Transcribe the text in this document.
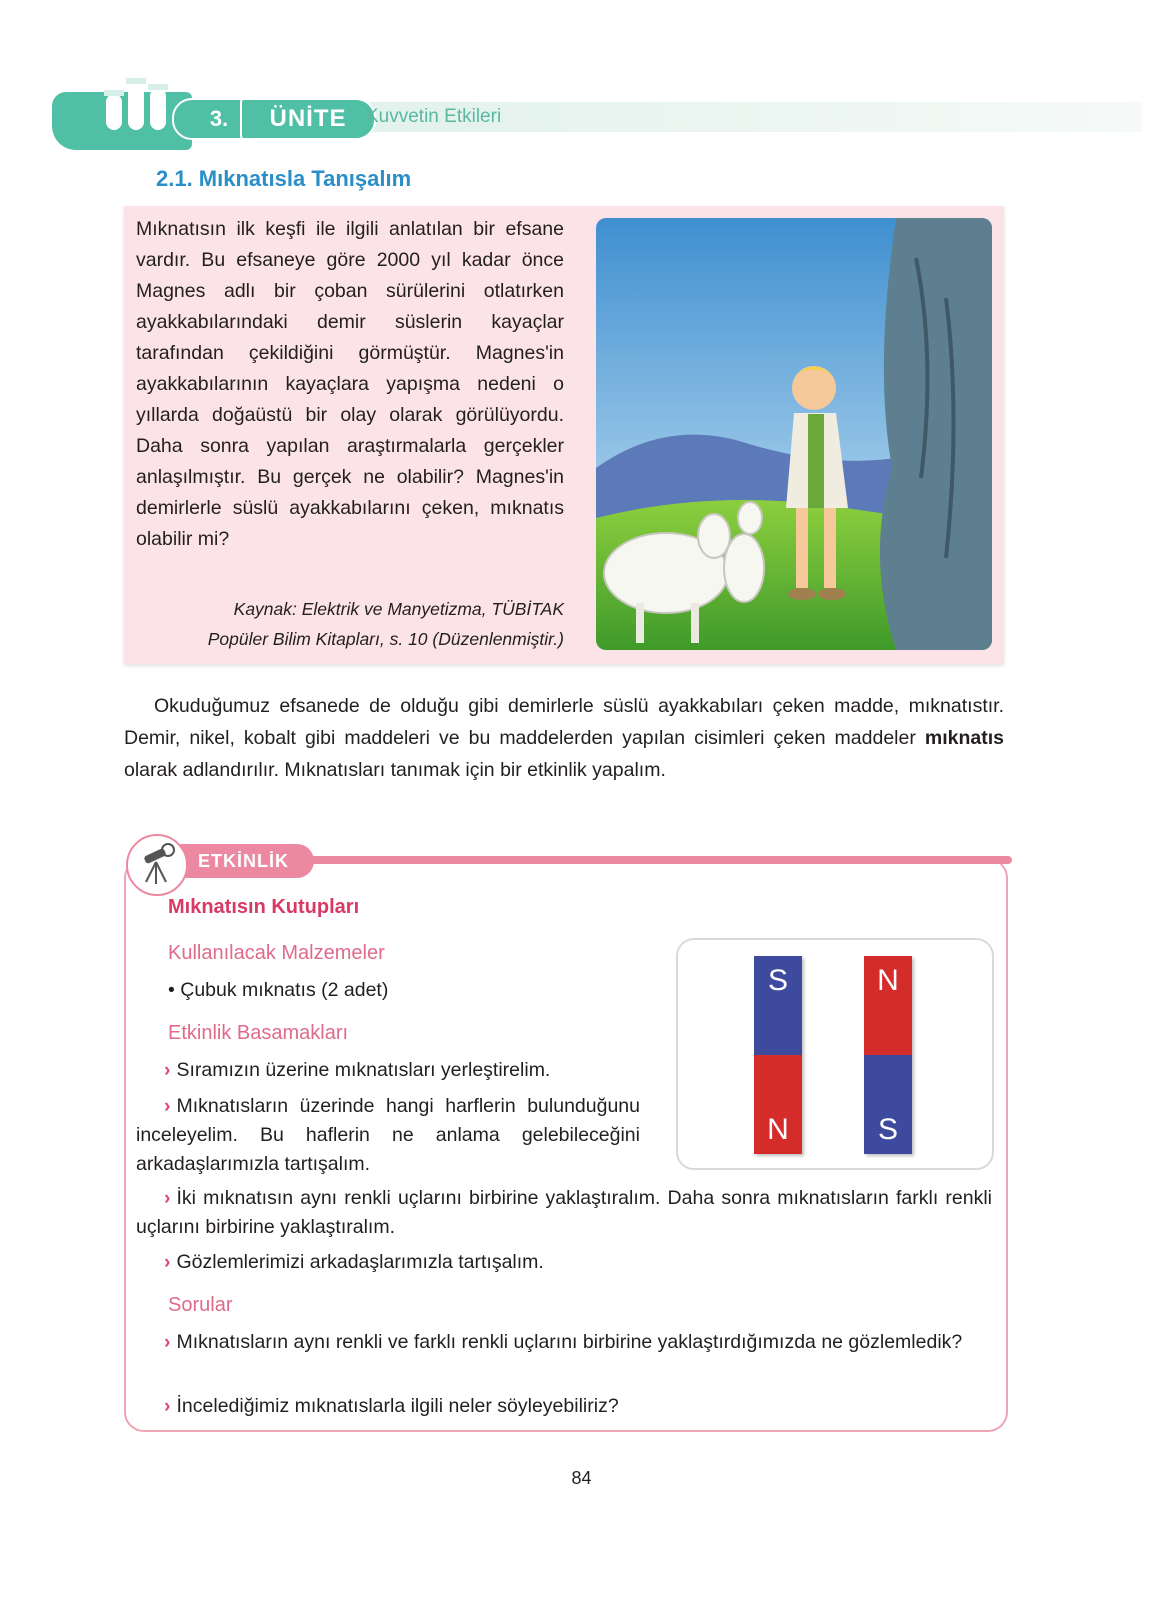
3.	ÜNİTE	Kuvvetin Etkileri
2.1. Mıknatısla Tanışalım

Mıknatısın ilk keşfi ile ilgili anlatılan bir efsane vardır. Bu efsaneye göre 2000 yıl kadar önce Magnes adlı bir çoban sürülerini otlatırken ayakkabılarındaki demir süslerin kayaçlar tarafından çekildiğini görmüştür. Magnes'in ayakkabılarının kayaçlara yapışma nedeni o yıllarda doğaüstü bir olay olarak görülüyordu. Daha sonra yapılan araştırmalarla gerçekler anlaşılmıştır. Bu gerçek ne olabilir? Magnes'in demirlerle süslü ayakkabılarını çeken, mıknatıs olabilir mi?

Kaynak: Elektrik ve Manyetizma, TÜBİTAK
Popüler Bilim Kitapları, s. 10 (Düzenlenmiştir.)

Okuduğumuz efsanede de olduğu gibi demirlerle süslü ayakkabıları çeken madde, mıknatıstır. Demir, nikel, kobalt gibi maddeleri ve bu maddelerden yapılan cisimleri çeken maddeler mıknatıs olarak adlandırılır. Mıknatısları tanımak için bir etkinlik yapalım.

ETKİNLİK
Mıknatısın Kutupları
Kullanılacak Malzemeler

• Çubuk mıknatıs (2 adet)

Etkinlik Basamakları

› Sıramızın üzerine mıknatısları yerleştirelim.

› Mıknatısların üzerinde hangi harflerin bulunduğunu inceleyelim. Bu haflerin ne anlama gelebileceğini arkadaşlarımızla tartışalım.

› İki mıknatısın aynı renkli uçlarını birbirine yaklaştıralım. Daha sonra mıknatısların farklı renkli uçlarını birbirine yaklaştıralım.

› Gözlemlerimizi arkadaşlarımızla tartışalım.

Sorular

› Mıknatısların aynı renkli ve farklı renkli uçlarını birbirine yaklaştırdığımızda ne gözlemledik?

› İncelediğimiz mıknatıslarla ilgili neler söyleyebiliriz?

S
N
N
S
84
